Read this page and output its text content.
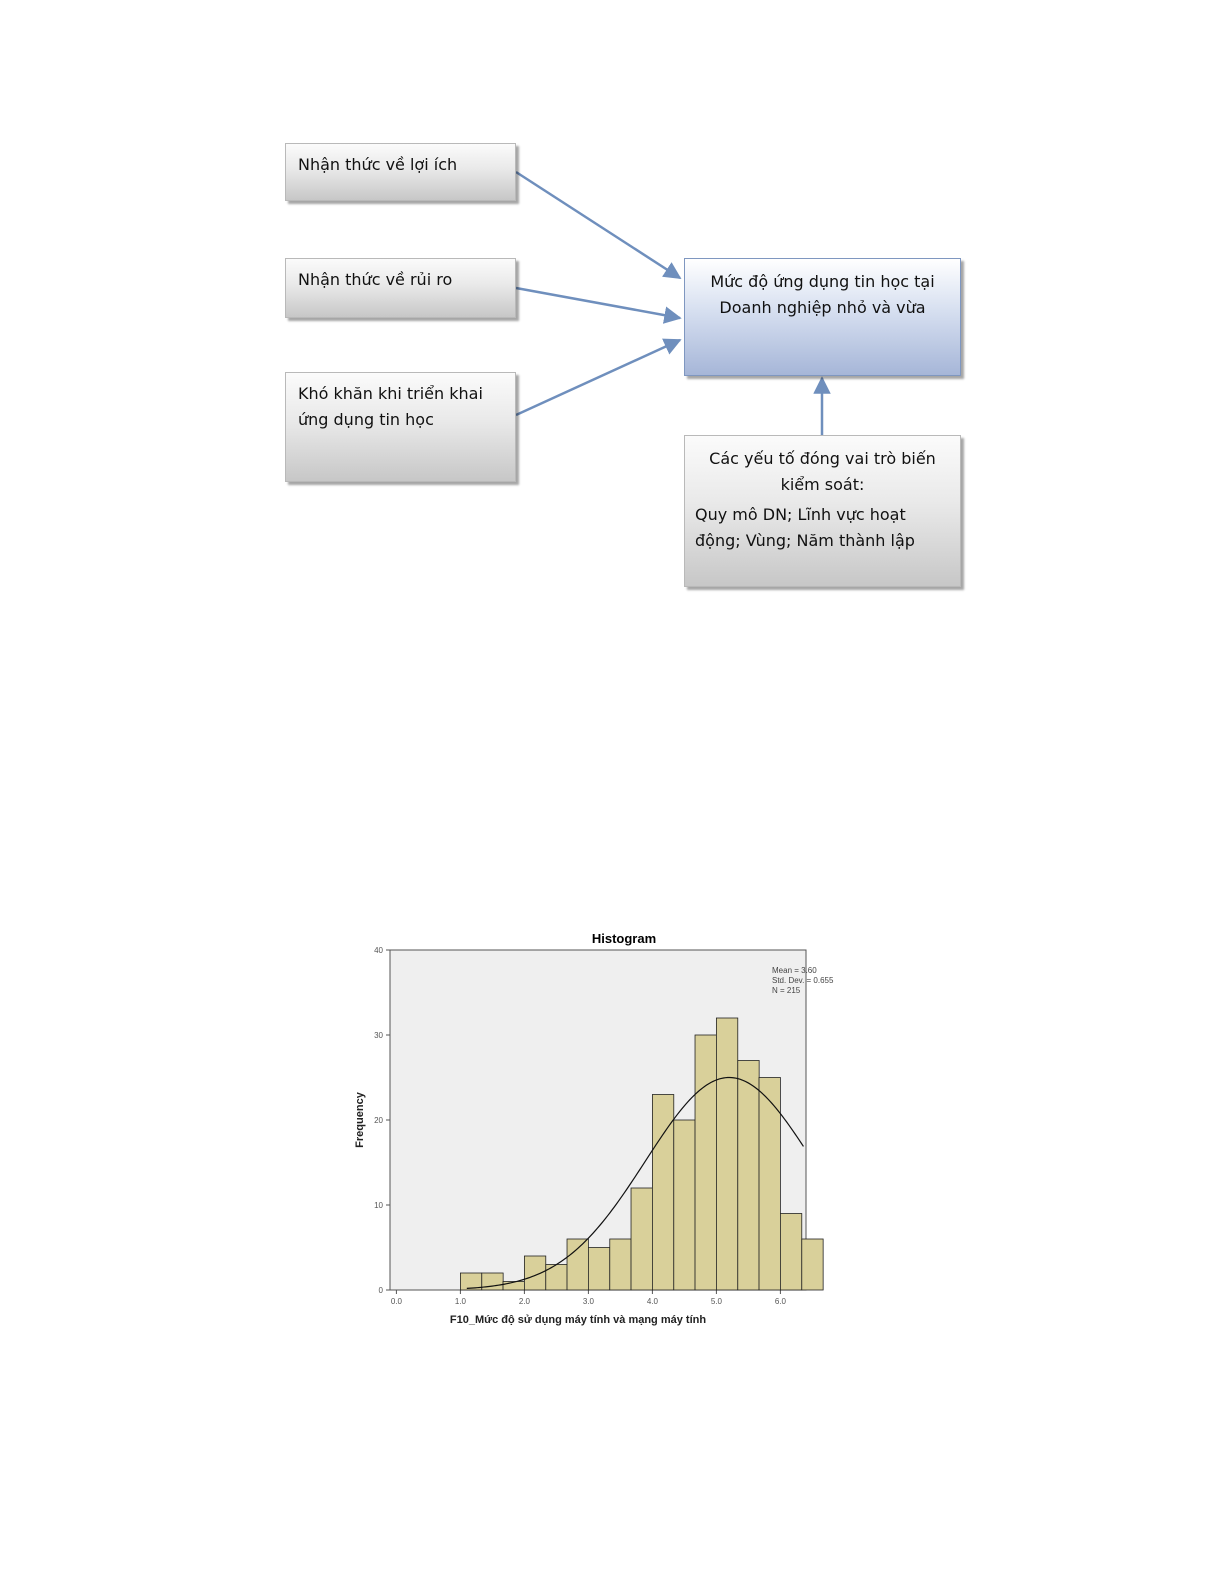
Nhận thức về lợi ích
Nhận thức về rủi ro
Khó khăn khi triển khai
ứng dụng tin học
Mức độ ứng dụng tin học tại
Doanh nghiệp nhỏ và vừa
Các yếu tố đóng vai trò biến
kiểm soát:
Quy mô DN; Lĩnh vực hoạt
động; Vùng; Năm thành lập
Histogram
0
10
20
30
40
0.0	1.0	2.0	3.0	4.0	5.0	6.0
Frequency
F10_Mức độ sử dụng máy tính và mạng máy tính
Mean = 3.60
Std. Dev. = 0.655
N = 215
